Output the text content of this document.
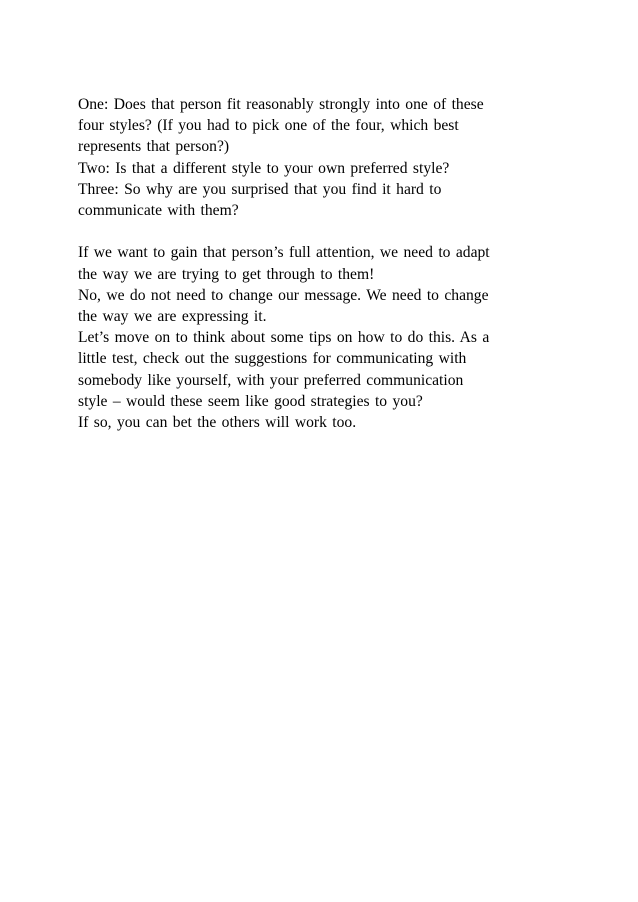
One: Does that person fit reasonably strongly into one of these
four styles? (If you had to pick one of the four, which best
represents that person?)
Two: Is that a different style to your own preferred style?
Three: So why are you surprised that you find it hard to
communicate with them?
If we want to gain that person’s full attention, we need to adapt
the way we are trying to get through to them!
No, we do not need to change our message. We need to change
the way we are expressing it.
Let’s move on to think about some tips on how to do this. As a
little test, check out the suggestions for communicating with
somebody like yourself, with your preferred communication
style – would these seem like good strategies to you?
If so, you can bet the others will work too.
